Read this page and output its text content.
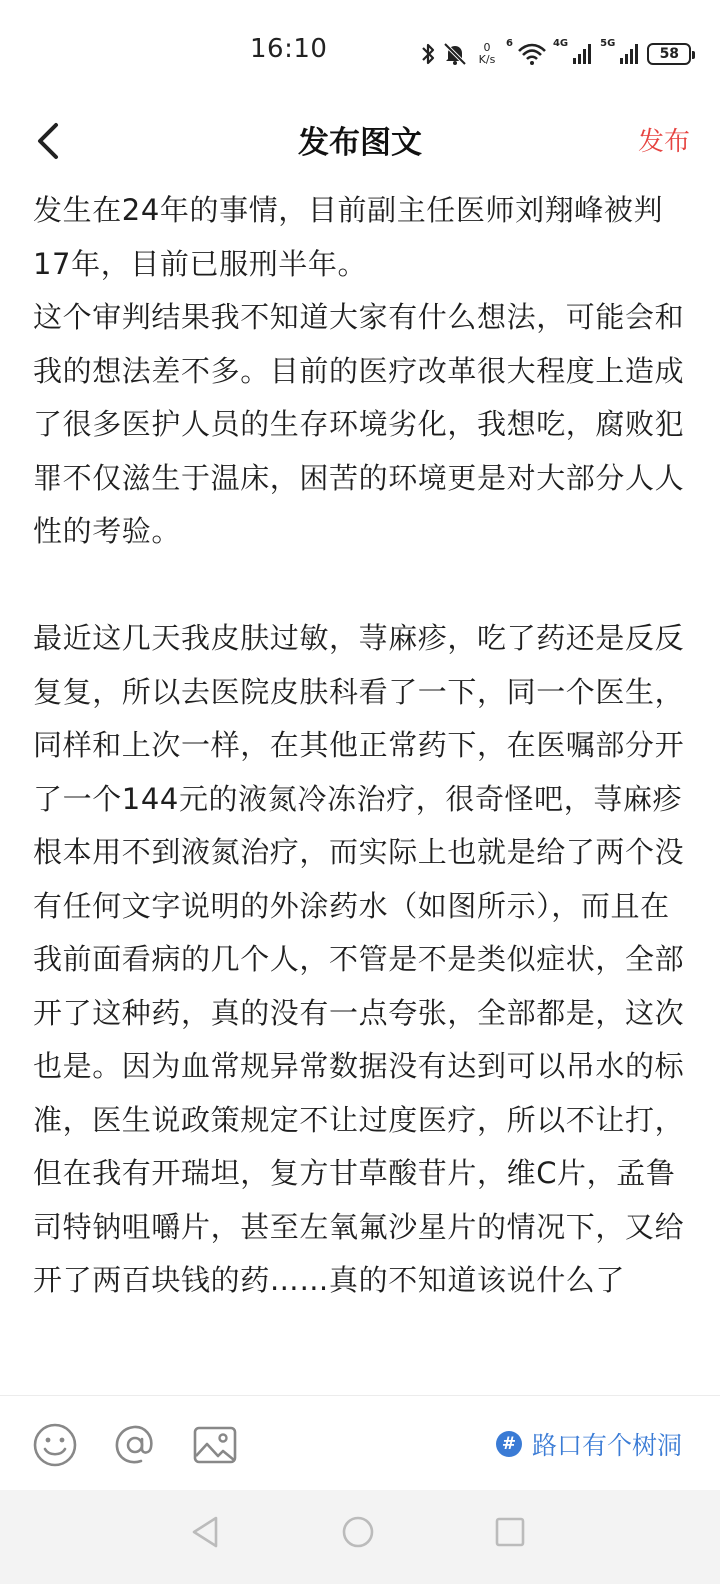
16:10	0
K/s
6	4G	5G
58
发布图文	发布

发生在24年的事情，目前副主任医师刘翔峰被判17年，目前已服刑半年。

这个审判结果我不知道大家有什么想法，可能会和我的想法差不多。目前的医疗改革很大程度上造成了很多医护人员的生存环境劣化，我想吃，腐败犯罪不仅滋生于温床，困苦的环境更是对大部分人人性的考验。

最近这几天我皮肤过敏，荨麻疹，吃了药还是反反复复，所以去医院皮肤科看了一下，同一个医生，同样和上次一样，在其他正常药下，在医嘱部分开了一个144元的液氮冷冻治疗，很奇怪吧，荨麻疹根本用不到液氮治疗，而实际上也就是给了两个没有任何文字说明的外涂药水（如图所示），而且在我前面看病的几个人，不管是不是类似症状，全部开了这种药，真的没有一点夸张，全部都是，这次也是。因为血常规异常数据没有达到可以吊水的标准，医生说政策规定不让过度医疗，所以不让打，但在我有开瑞坦，复方甘草酸苷片，维C片，孟鲁司特钠咀嚼片，甚至左氧氟沙星片的情况下，又给开了两百块钱的药……真的不知道该说什么了

# 路口有个树洞
